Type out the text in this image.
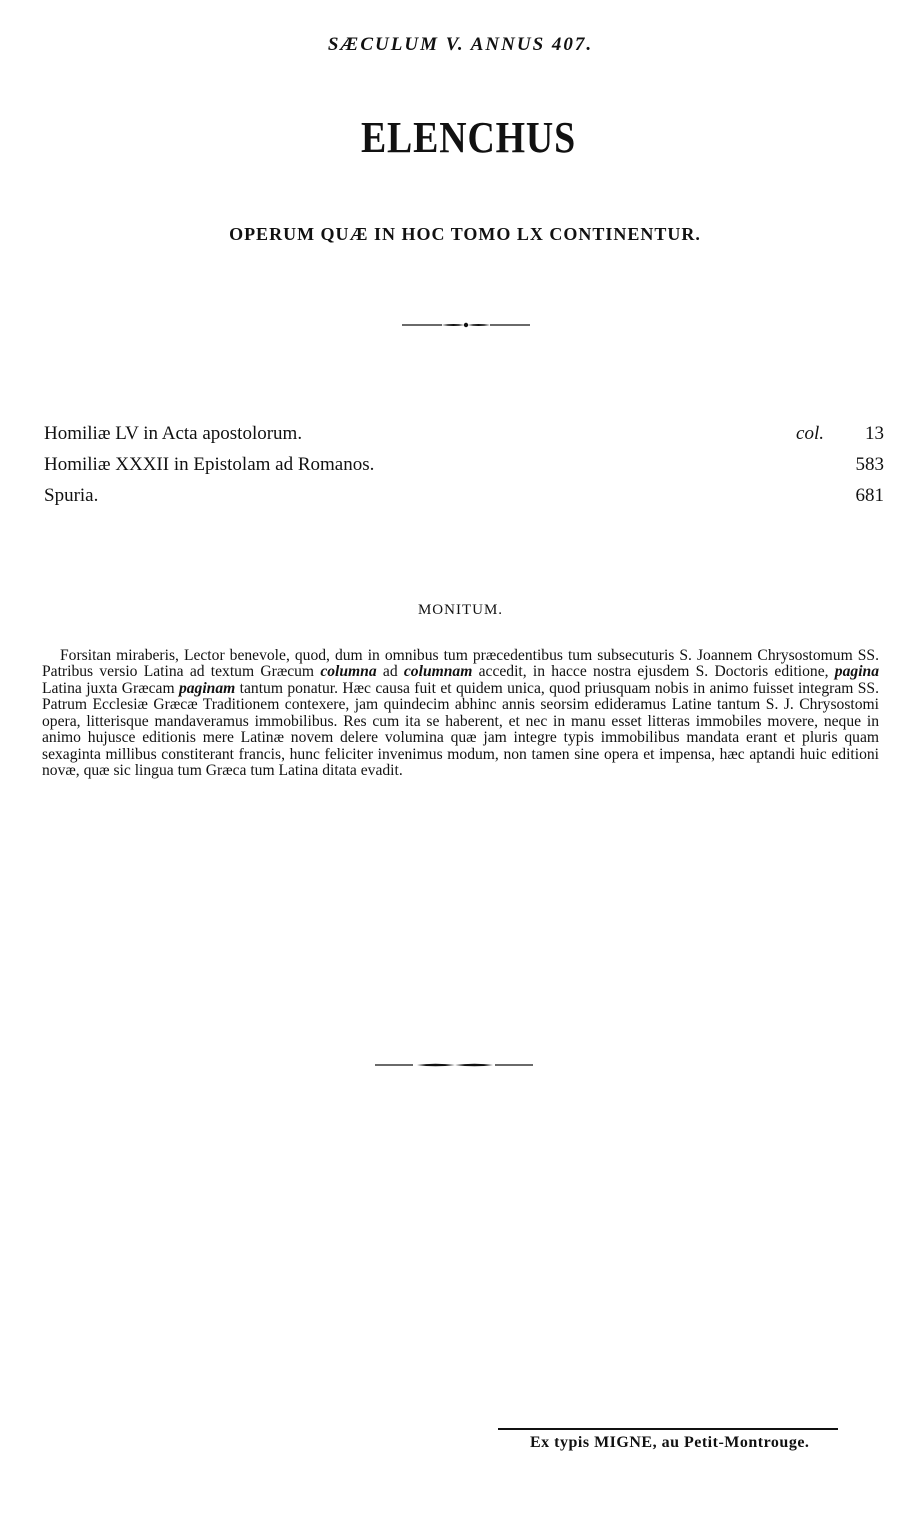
SÆCULUM V. ANNUS 407.
ELENCHUS
OPERUM QUÆ IN HOC TOMO LX CONTINENTUR.
Homiliæ LV in Acta apostolorum.	col. 13
Homiliæ XXXII in Epistolam ad Romanos.	583
Spuria.	681
MONITUM.

Forsitan miraberis, Lector benevole, quod, dum in omnibus tum præcedentibus tum subsecuturis S. Joannem Chrysostomum SS. Patribus versio Latina ad textum Græcum columna ad columnam accedit, in hacce nostra ejusdem S. Doctoris editione, pagina Latina juxta Græcam paginam tantum ponatur. Hæc causa fuit et quidem unica, quod priusquam nobis in animo fuisset integram SS. Patrum Ecclesiæ Græcæ Traditionem contexere, jam quindecim abhinc annis seorsim edideramus Latine tantum S. J. Chrysostomi opera, litterisque mandaveramus immobilibus. Res cum ita se haberent, et nec in manu esset litteras immobiles movere, neque in animo hujusce editionis mere Latinæ novem delere volumina quæ jam integre typis immobilibus mandata erant et pluris quam sexaginta millibus constiterant francis, hunc feliciter invenimus modum, non tamen sine opera et impensa, hæc aptandi huic editioni novæ, quæ sic lingua tum Græca tum Latina ditata evadit.

Ex typis MIGNE, au Petit-Montrouge.
